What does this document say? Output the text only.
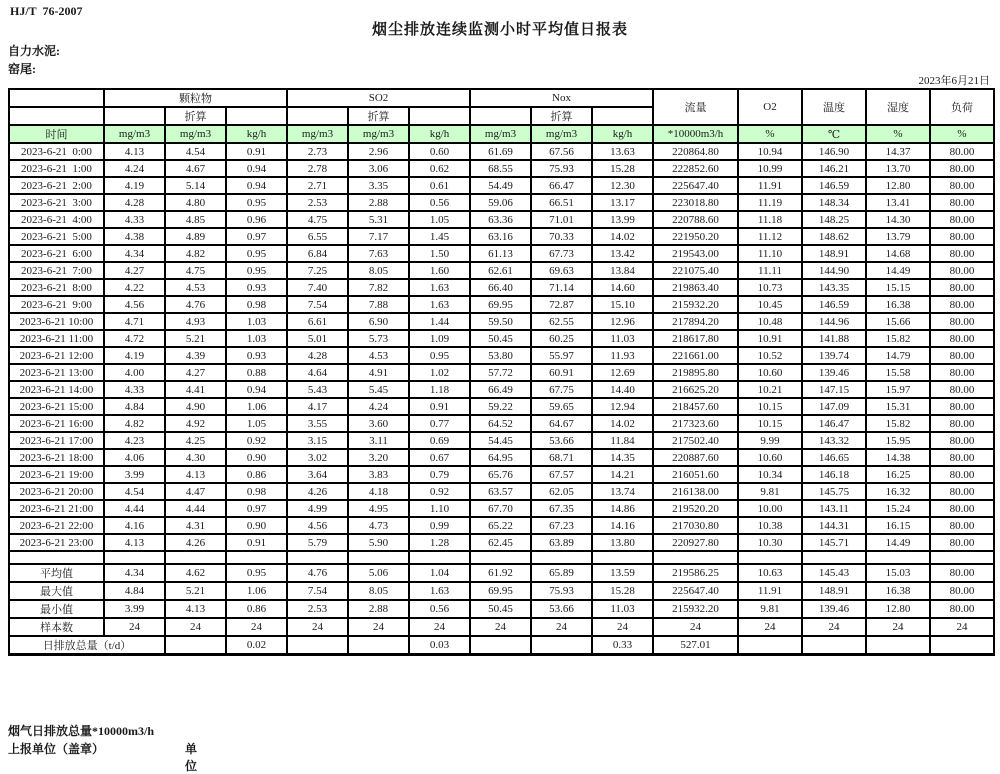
HJ/T  76-2007
烟尘排放连续监测小时平均值日报表
自力水泥:
窑尾:
2023年6月21日
	颗粒物			SO2			Nox			流量	O2	温度	湿度	负荷
		折算			折算			折算						
时间	mg/m3	mg/m3	kg/h	mg/m3	mg/m3	kg/h	mg/m3	mg/m3	kg/h	*10000m3/h	%	℃	%	%
2023-6-21  0:00	4.13	4.54	0.91	2.73	2.96	0.60	61.69	67.56	13.63	220864.80	10.94	146.90	14.37	80.00
2023-6-21  1:00	4.24	4.67	0.94	2.78	3.06	0.62	68.55	75.93	15.28	222852.60	10.99	146.21	13.70	80.00
2023-6-21  2:00	4.19	5.14	0.94	2.71	3.35	0.61	54.49	66.47	12.30	225647.40	11.91	146.59	12.80	80.00
2023-6-21  3:00	4.28	4.80	0.95	2.53	2.88	0.56	59.06	66.51	13.17	223018.80	11.19	148.34	13.41	80.00
2023-6-21  4:00	4.33	4.85	0.96	4.75	5.31	1.05	63.36	71.01	13.99	220788.60	11.18	148.25	14.30	80.00
2023-6-21  5:00	4.38	4.89	0.97	6.55	7.17	1.45	63.16	70.33	14.02	221950.20	11.12	148.62	13.79	80.00
2023-6-21  6:00	4.34	4.82	0.95	6.84	7.63	1.50	61.13	67.73	13.42	219543.00	11.10	148.91	14.68	80.00
2023-6-21  7:00	4.27	4.75	0.95	7.25	8.05	1.60	62.61	69.63	13.84	221075.40	11.11	144.90	14.49	80.00
2023-6-21  8:00	4.22	4.53	0.93	7.40	7.82	1.63	66.40	71.14	14.60	219863.40	10.73	143.35	15.15	80.00
2023-6-21  9:00	4.56	4.76	0.98	7.54	7.88	1.63	69.95	72.87	15.10	215932.20	10.45	146.59	16.38	80.00
2023-6-21 10:00	4.71	4.93	1.03	6.61	6.90	1.44	59.50	62.55	12.96	217894.20	10.48	144.96	15.66	80.00
2023-6-21 11:00	4.72	5.21	1.03	5.01	5.73	1.09	50.45	60.25	11.03	218617.80	10.91	141.88	15.82	80.00
2023-6-21 12:00	4.19	4.39	0.93	4.28	4.53	0.95	53.80	55.97	11.93	221661.00	10.52	139.74	14.79	80.00
2023-6-21 13:00	4.00	4.27	0.88	4.64	4.91	1.02	57.72	60.91	12.69	219895.80	10.60	139.46	15.58	80.00
2023-6-21 14:00	4.33	4.41	0.94	5.43	5.45	1.18	66.49	67.75	14.40	216625.20	10.21	147.15	15.97	80.00
2023-6-21 15:00	4.84	4.90	1.06	4.17	4.24	0.91	59.22	59.65	12.94	218457.60	10.15	147.09	15.31	80.00
2023-6-21 16:00	4.82	4.92	1.05	3.55	3.60	0.77	64.52	64.67	14.02	217323.60	10.15	146.47	15.82	80.00
2023-6-21 17:00	4.23	4.25	0.92	3.15	3.11	0.69	54.45	53.66	11.84	217502.40	9.99	143.32	15.95	80.00
2023-6-21 18:00	4.06	4.30	0.90	3.02	3.20	0.67	64.95	68.71	14.35	220887.60	10.60	146.65	14.38	80.00
2023-6-21 19:00	3.99	4.13	0.86	3.64	3.83	0.79	65.76	67.57	14.21	216051.60	10.34	146.18	16.25	80.00
2023-6-21 20:00	4.54	4.47	0.98	4.26	4.18	0.92	63.57	62.05	13.74	216138.00	9.81	145.75	16.32	80.00
2023-6-21 21:00	4.44	4.44	0.97	4.99	4.95	1.10	67.70	67.35	14.86	219520.20	10.00	143.11	15.24	80.00
2023-6-21 22:00	4.16	4.31	0.90	4.56	4.73	0.99	65.22	67.23	14.16	217030.80	10.38	144.31	16.15	80.00
2023-6-21 23:00	4.13	4.26	0.91	5.79	5.90	1.28	62.45	63.89	13.80	220927.80	10.30	145.71	14.49	80.00

平均值	4.34	4.62	0.95	4.76	5.06	1.04	61.92	65.89	13.59	219586.25	10.63	145.43	15.03	80.00
最大值	4.84	5.21	1.06	7.54	8.05	1.63	69.95	75.93	15.28	225647.40	11.91	148.91	16.38	80.00
最小值	3.99	4.13	0.86	2.53	2.88	0.56	50.45	53.66	11.03	215932.20	9.81	139.46	12.80	80.00
样本数	24	24	24	24	24	24	24	24	24	24	24	24	24	24
日排放总量（t/d）			0.02			0.03			0.33	527.01				
烟气日排放总量*10000m3/h
上报单位（盖章）	单位
